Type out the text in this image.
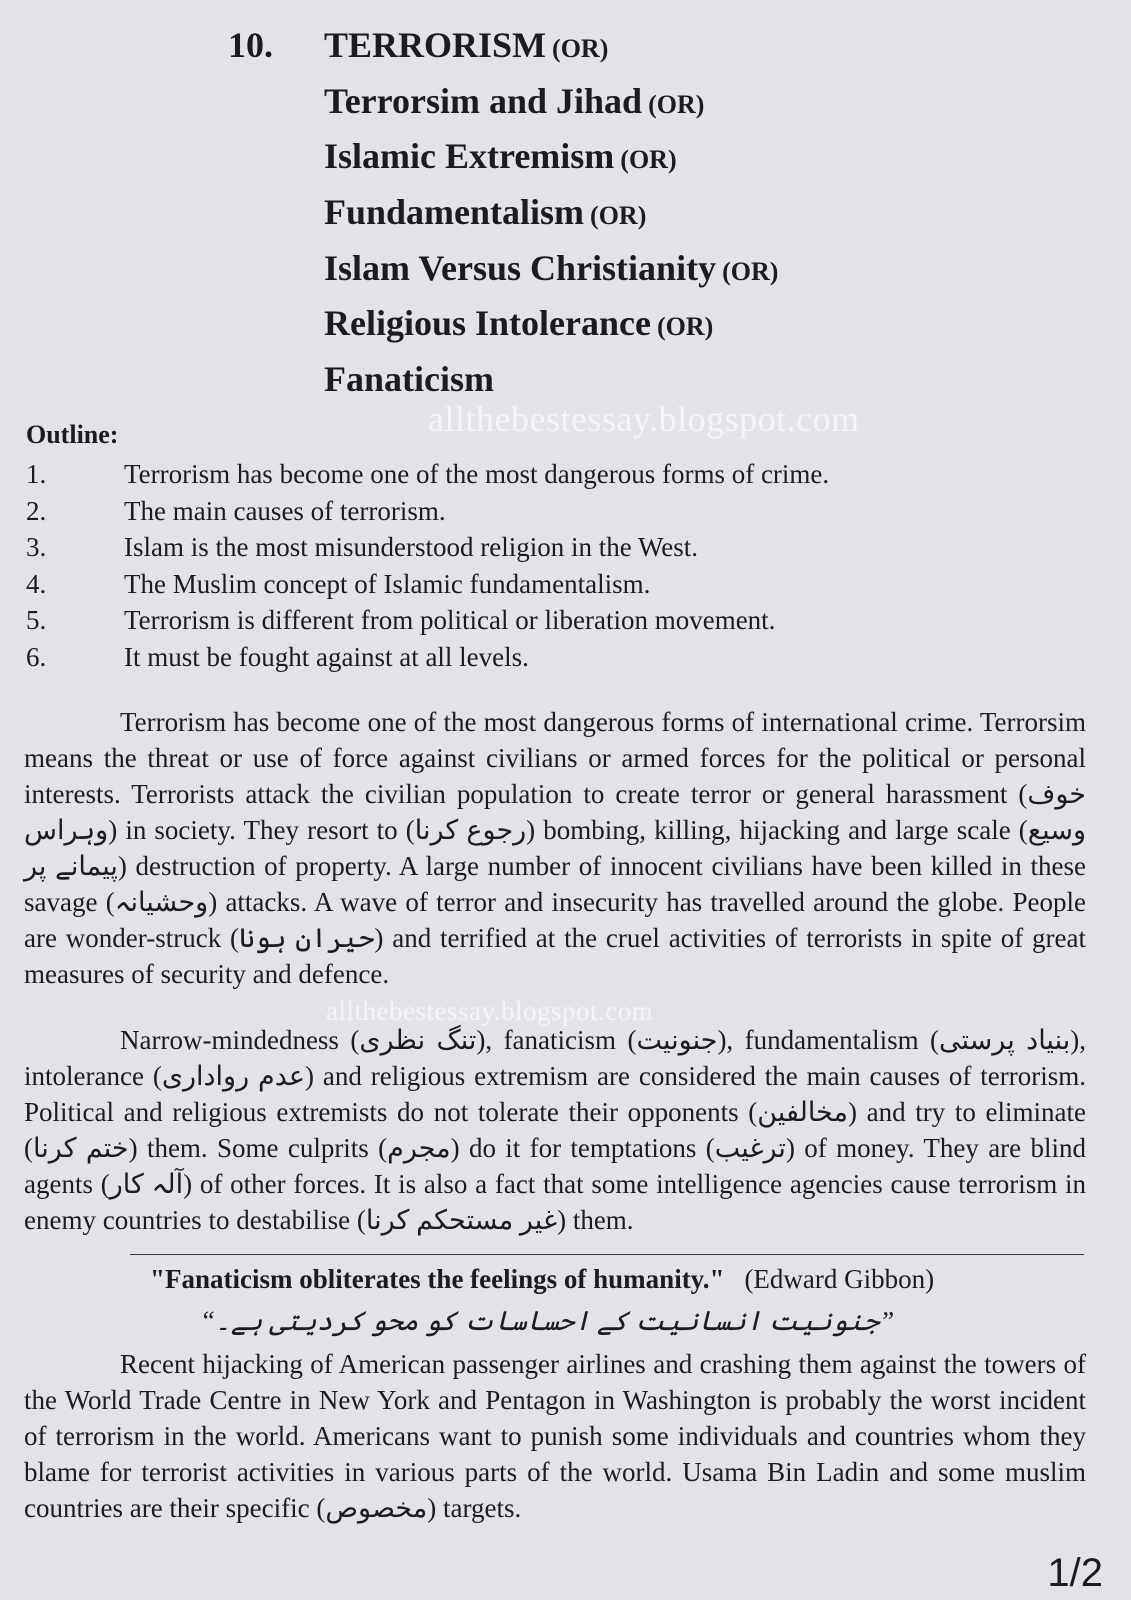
10. TERRORISM (OR)
Terrorsim and Jihad (OR)
Islamic Extremism (OR)
Fundamentalism (OR)
Islam Versus Christianity (OR)
Religious Intolerance (OR)
Fanaticism
allthebestessay.blogspot.com
Outline:
1.	Terrorism has become one of the most dangerous forms of crime.
2.	The main causes of terrorism.
3.	Islam is the most misunderstood religion in the West.
4.	The Muslim concept of Islamic fundamentalism.
5.	Terrorism is different from political or liberation movement.
6.	It must be fought against at all levels.

Terrorism has become one of the most dangerous forms of international crime. Terrorsim means the threat or use of force against civilians or armed forces for the political or personal interests. Terrorists attack the civilian population to create terror or general harassment (خوف وہراس) in society. They resort to (رجوع کرنا) bombing, killing, hijacking and large scale (وسیع پیمانے پر) destruction of property. A large number of innocent civilians have been killed in these savage (وحشیانہ) attacks. A wave of terror and insecurity has travelled around the globe. People are wonder-struck (حیران ہونا) and terrified at the cruel activities of terrorists in spite of great measures of security and defence.

allthebestessay.blogspot.com

Narrow-mindedness (تنگ نظری), fanaticism (جنونیت), fundamentalism (بنیاد پرستی), intolerance (عدم رواداری) and religious extremism are considered the main causes of terrorism. Political and religious extremists do not tolerate their opponents (مخالفین) and try to eliminate (ختم کرنا) them. Some culprits (مجرم) do it for temptations (ترغیب) of money. They are blind agents (آلہ کار) of other forces. It is also a fact that some intelligence agencies cause terrorism in enemy countries to destabilise (غیر مستحکم کرنا) them.

"Fanaticism obliterates the feelings of humanity." (Edward Gibbon)
”جنونیت انسانیت کے احساسات کو محو کردیتی ہے۔“

Recent hijacking of American passenger airlines and crashing them against the towers of the World Trade Centre in New York and Pentagon in Washington is probably the worst incident of terrorism in the world. Americans want to punish some individuals and countries whom they blame for terrorist activities in various parts of the world. Usama Bin Ladin and some muslim countries are their specific (مخصوص) targets.

1/2
